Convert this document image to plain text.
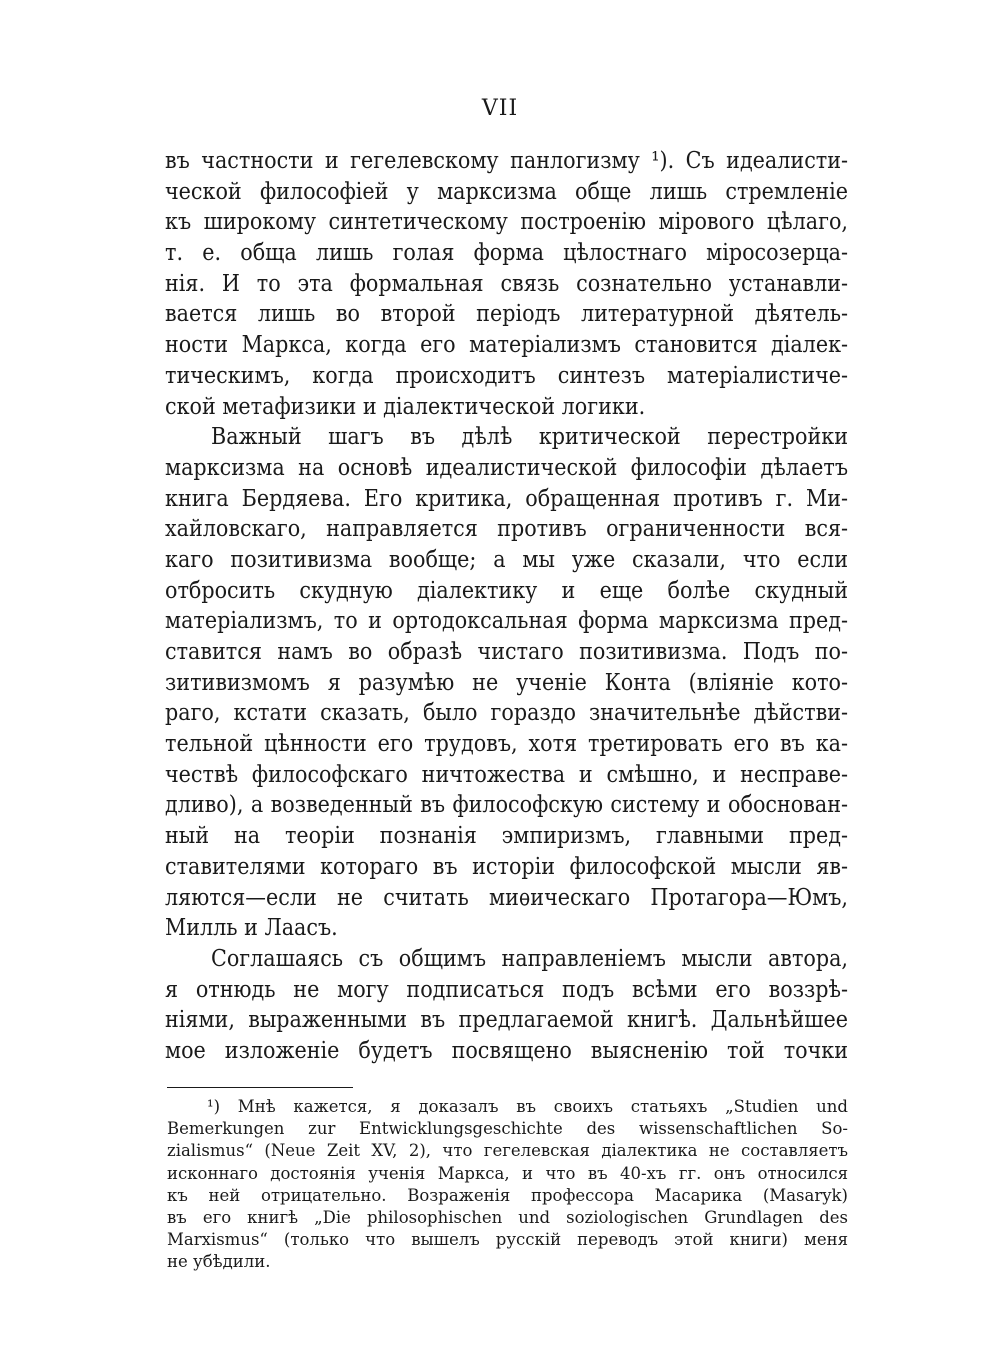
VII
въ частности и гегелевскому панлогизму ¹). Съ идеалисти-
ческой философіей у марксизма обще лишь стремленіе
къ широкому синтетическому построенію мірового цѣлаго,
т. е. обща лишь голая форма цѣлостнаго міросозерца-
нія. И то эта формальная связь сознательно устанавли-
вается лишь во второй періодъ литературной дѣятель-
ности Маркса, когда его матеріализмъ становится діалек-
тическимъ, когда происходитъ синтезъ матеріалистиче-
ской метафизики и діалектической логики.
Важный шагъ въ дѣлѣ критической перестройки
марксизма на основѣ идеалистической философіи дѣлаетъ
книга Бердяева. Его критика, обращенная противъ г. Ми-
хайловскаго, направляется противъ ограниченности вся-
каго позитивизма вообще; а мы уже сказали, что если
отбросить скудную діалектику и еще болѣе скудный
матеріализмъ, то и ортодоксальная форма марксизма пред-
ставится намъ во образѣ чистаго позитивизма. Подъ по-
зитивизмомъ я разумѣю не ученіе Конта (вліяніе кото-
раго, кстати сказать, было гораздо значительнѣе дѣйстви-
тельной цѣнности его трудовъ, хотя третировать его въ ка-
чествѣ философскаго ничтожества и смѣшно, и несправе-
дливо), а возведенный въ философскую систему и обоснован-
ный на теоріи познанія эмпиризмъ, главными пред-
ставителями котораго въ исторіи философской мысли яв-
ляются—если не считать миѳическаго Протагора—Юмъ,
Милль и Лаасъ.
Соглашаясь съ общимъ направленіемъ мысли автора,
я отнюдь не могу подписаться подъ всѣми его воззрѣ-
ніями, выраженными въ предлагаемой книгѣ. Дальнѣйшее
мое изложеніе будетъ посвящено выясненію той точки
¹) Мнѣ кажется, я доказалъ въ своихъ статьяхъ „Studien und
Bemerkungen zur Entwicklungsgeschichte des wissenschaftlichen So-
zialismus“ (Neue Zeit XV, 2), что гегелевская діалектика не составляетъ
исконнаго достоянія ученія Маркса, и что въ 40-хъ гг. онъ относился
къ ней отрицательно. Возраженія профессора Масарика (Masaryk)
въ его книгѣ „Die philosophischen und soziologischen Grundlagen des
Marxismus“ (только что вышелъ русскій переводъ этой книги) меня
не убѣдили.
